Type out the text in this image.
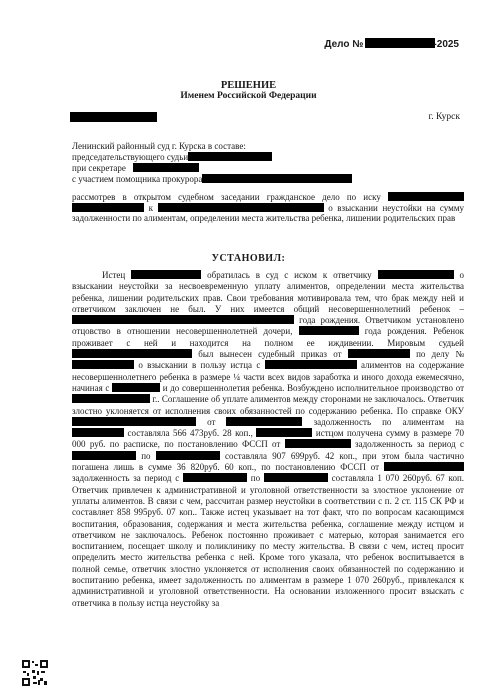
Дело №	-2025
РЕШЕНИЕ
Именем Российской Федерации
г. Курск
Ленинский районный суд г. Курска в составе:
председательствующего судьи
при секретаре
с участием помощника прокурора
рассмотрев в открытом судебном заседании гражданское дело по иску   к	о взыскании неустойки на сумму задолженности по алиментам, определении места жительства ребенка, лишении родительских прав
УСТАНОВИЛ:

Истец	обратилась в суд с иском к ответчику	о взыскании неустойки за несвоевременную уплату алиментов, определении места жительства ребенка, лишении родительских прав. Свои требования мотивировала тем, что брак между ней и ответчиком заключен не был. У них имеется общий несовершеннолетний ребенок –  года рождения. Ответчиком установлено отцовство в отношении несовершеннолетней дочери,	года рождения. Ребенок проживает с ней и находится на полном ее иждивении. Мировым судьей  был вынесен судебный приказ от	по делу №  о взыскании в пользу истца с	алиментов на содержание несовершеннолетнего ребенка в размере ¼ части всех видов заработка и иного дохода ежемесячно, начиная с	и до совершеннолетия ребенка. Возбуждено исполнительное производство от  г.. Соглашение об уплате алиментов между сторонами не заключалось. Ответчик злостно уклоняется от исполнения своих обязанностей по содержанию ребенка. По справке ОКУ  от	задолженность по алиментам на  составляла 566 473руб. 28 коп.,	истцом получена сумму в размере 70 000 руб. по расписке, по постановлению ФССП от	задолженность за период с  по	составляла 907 699руб. 42 коп., при этом была частично погашена лишь в сумме 36 820руб. 60 коп., по постановлению ФССП от  задолженность за период с	по	составляла 1 070 260руб. 67 коп. Ответчик привлечен к административной и уголовной ответственности за злостное уклонение от уплаты алиментов. В связи с чем, рассчитан размер неустойки в соответствии с п. 2 ст. 115 СК РФ и составляет 858 995руб. 07 коп.. Также истец указывает на тот факт, что по вопросам касающимся воспитания, образования, содержания и места жительства ребенка, соглашение между истцом и ответчиком не заключалось. Ребенок постоянно проживает с матерью, которая занимается его воспитанием, посещает школу и поликлинику по месту жительства. В связи с чем, истец просит определить место жительства ребенка с ней. Кроме того указала, что ребенок воспитывается в полной семье, ответчик злостно уклоняется от исполнения своих обязанностей по содержанию и воспитанию ребенка, имеет задолженность по алиментам в размере 1 070 260руб., привлекался к административной и уголовной ответственности. На основании изложенного просит взыскать с ответчика в пользу истца неустойку за
